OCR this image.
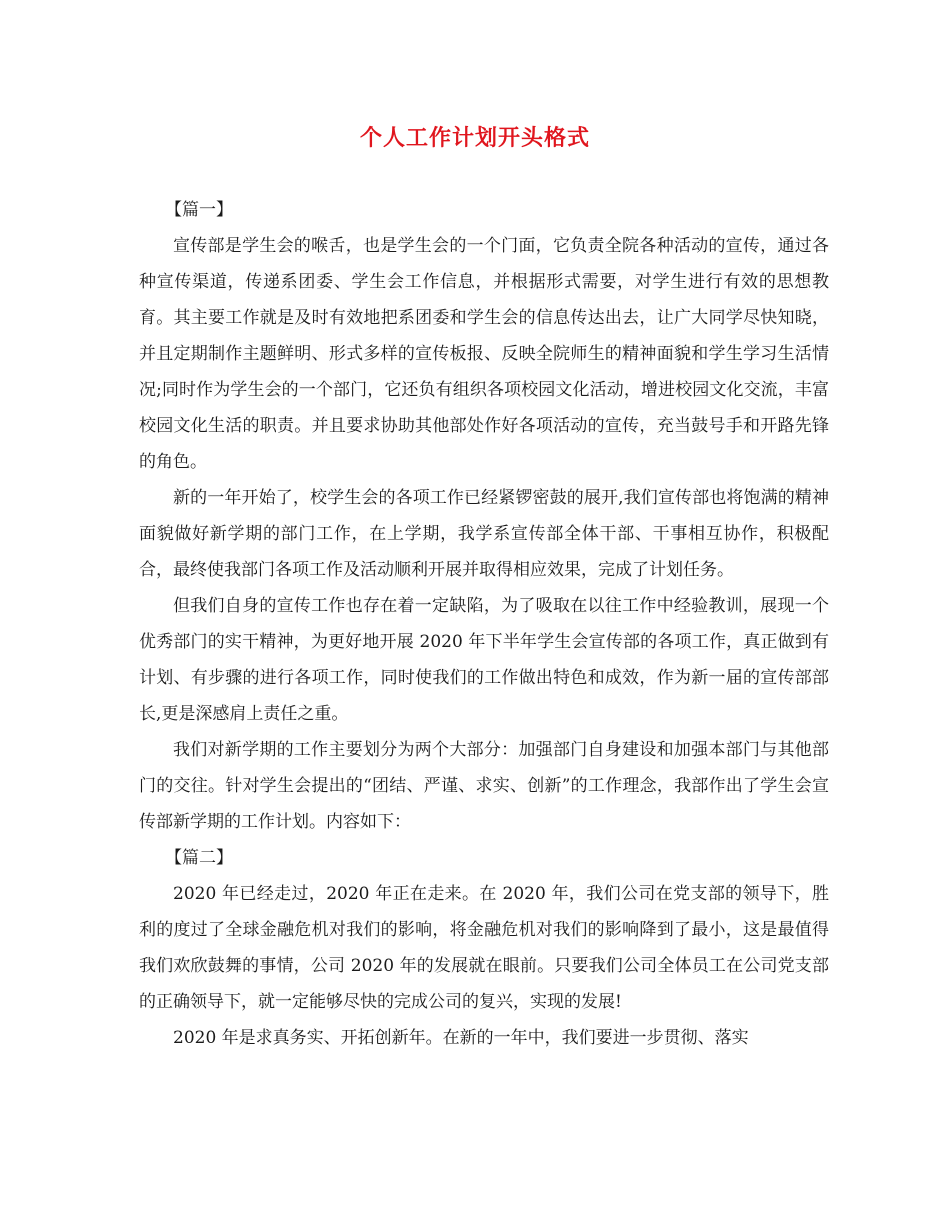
个人工作计划开头格式

【篇一】

宣传部是学生会的喉舌，也是学生会的一个门面，它负责全院各种活动的宣传，通过各种宣传渠道，传递系团委、学生会工作信息，并根据形式需要，对学生进行有效的思想教育。其主要工作就是及时有效地把系团委和学生会的信息传达出去，让广大同学尽快知晓，并且定期制作主题鲜明、形式多样的宣传板报、反映全院师生的精神面貌和学生学习生活情况;同时作为学生会的一个部门，它还负有组织各项校园文化活动，增进校园文化交流，丰富校园文化生活的职责。并且要求协助其他部处作好各项活动的宣传，充当鼓号手和开路先锋的角色。

新的一年开始了，校学生会的各项工作已经紧锣密鼓的展开,我们宣传部也将饱满的精神面貌做好新学期的部门工作，在上学期，我学系宣传部全体干部、干事相互协作，积极配合，最终使我部门各项工作及活动顺利开展并取得相应效果，完成了计划任务。

但我们自身的宣传工作也存在着一定缺陷，为了吸取在以往工作中经验教训，展现一个优秀部门的实干精神，为更好地开展 2020 年下半年学生会宣传部的各项工作，真正做到有计划、有步骤的进行各项工作，同时使我们的工作做出特色和成效，作为新一届的宣传部部长,更是深感肩上责任之重。

我们对新学期的工作主要划分为两个大部分：加强部门自身建设和加强本部门与其他部门的交往。针对学生会提出的“团结、严谨、求实、创新”的工作理念，我部作出了学生会宣传部新学期的工作计划。内容如下：

【篇二】

2020 年已经走过，2020 年正在走来。在 2020 年，我们公司在党支部的领导下，胜利的度过了全球金融危机对我们的影响，将金融危机对我们的影响降到了最小，这是最值得我们欢欣鼓舞的事情，公司 2020 年的发展就在眼前。只要我们公司全体员工在公司党支部的正确领导下，就一定能够尽快的完成公司的复兴，实现的发展!

2020 年是求真务实、开拓创新年。在新的一年中，我们要进一步贯彻、落实
